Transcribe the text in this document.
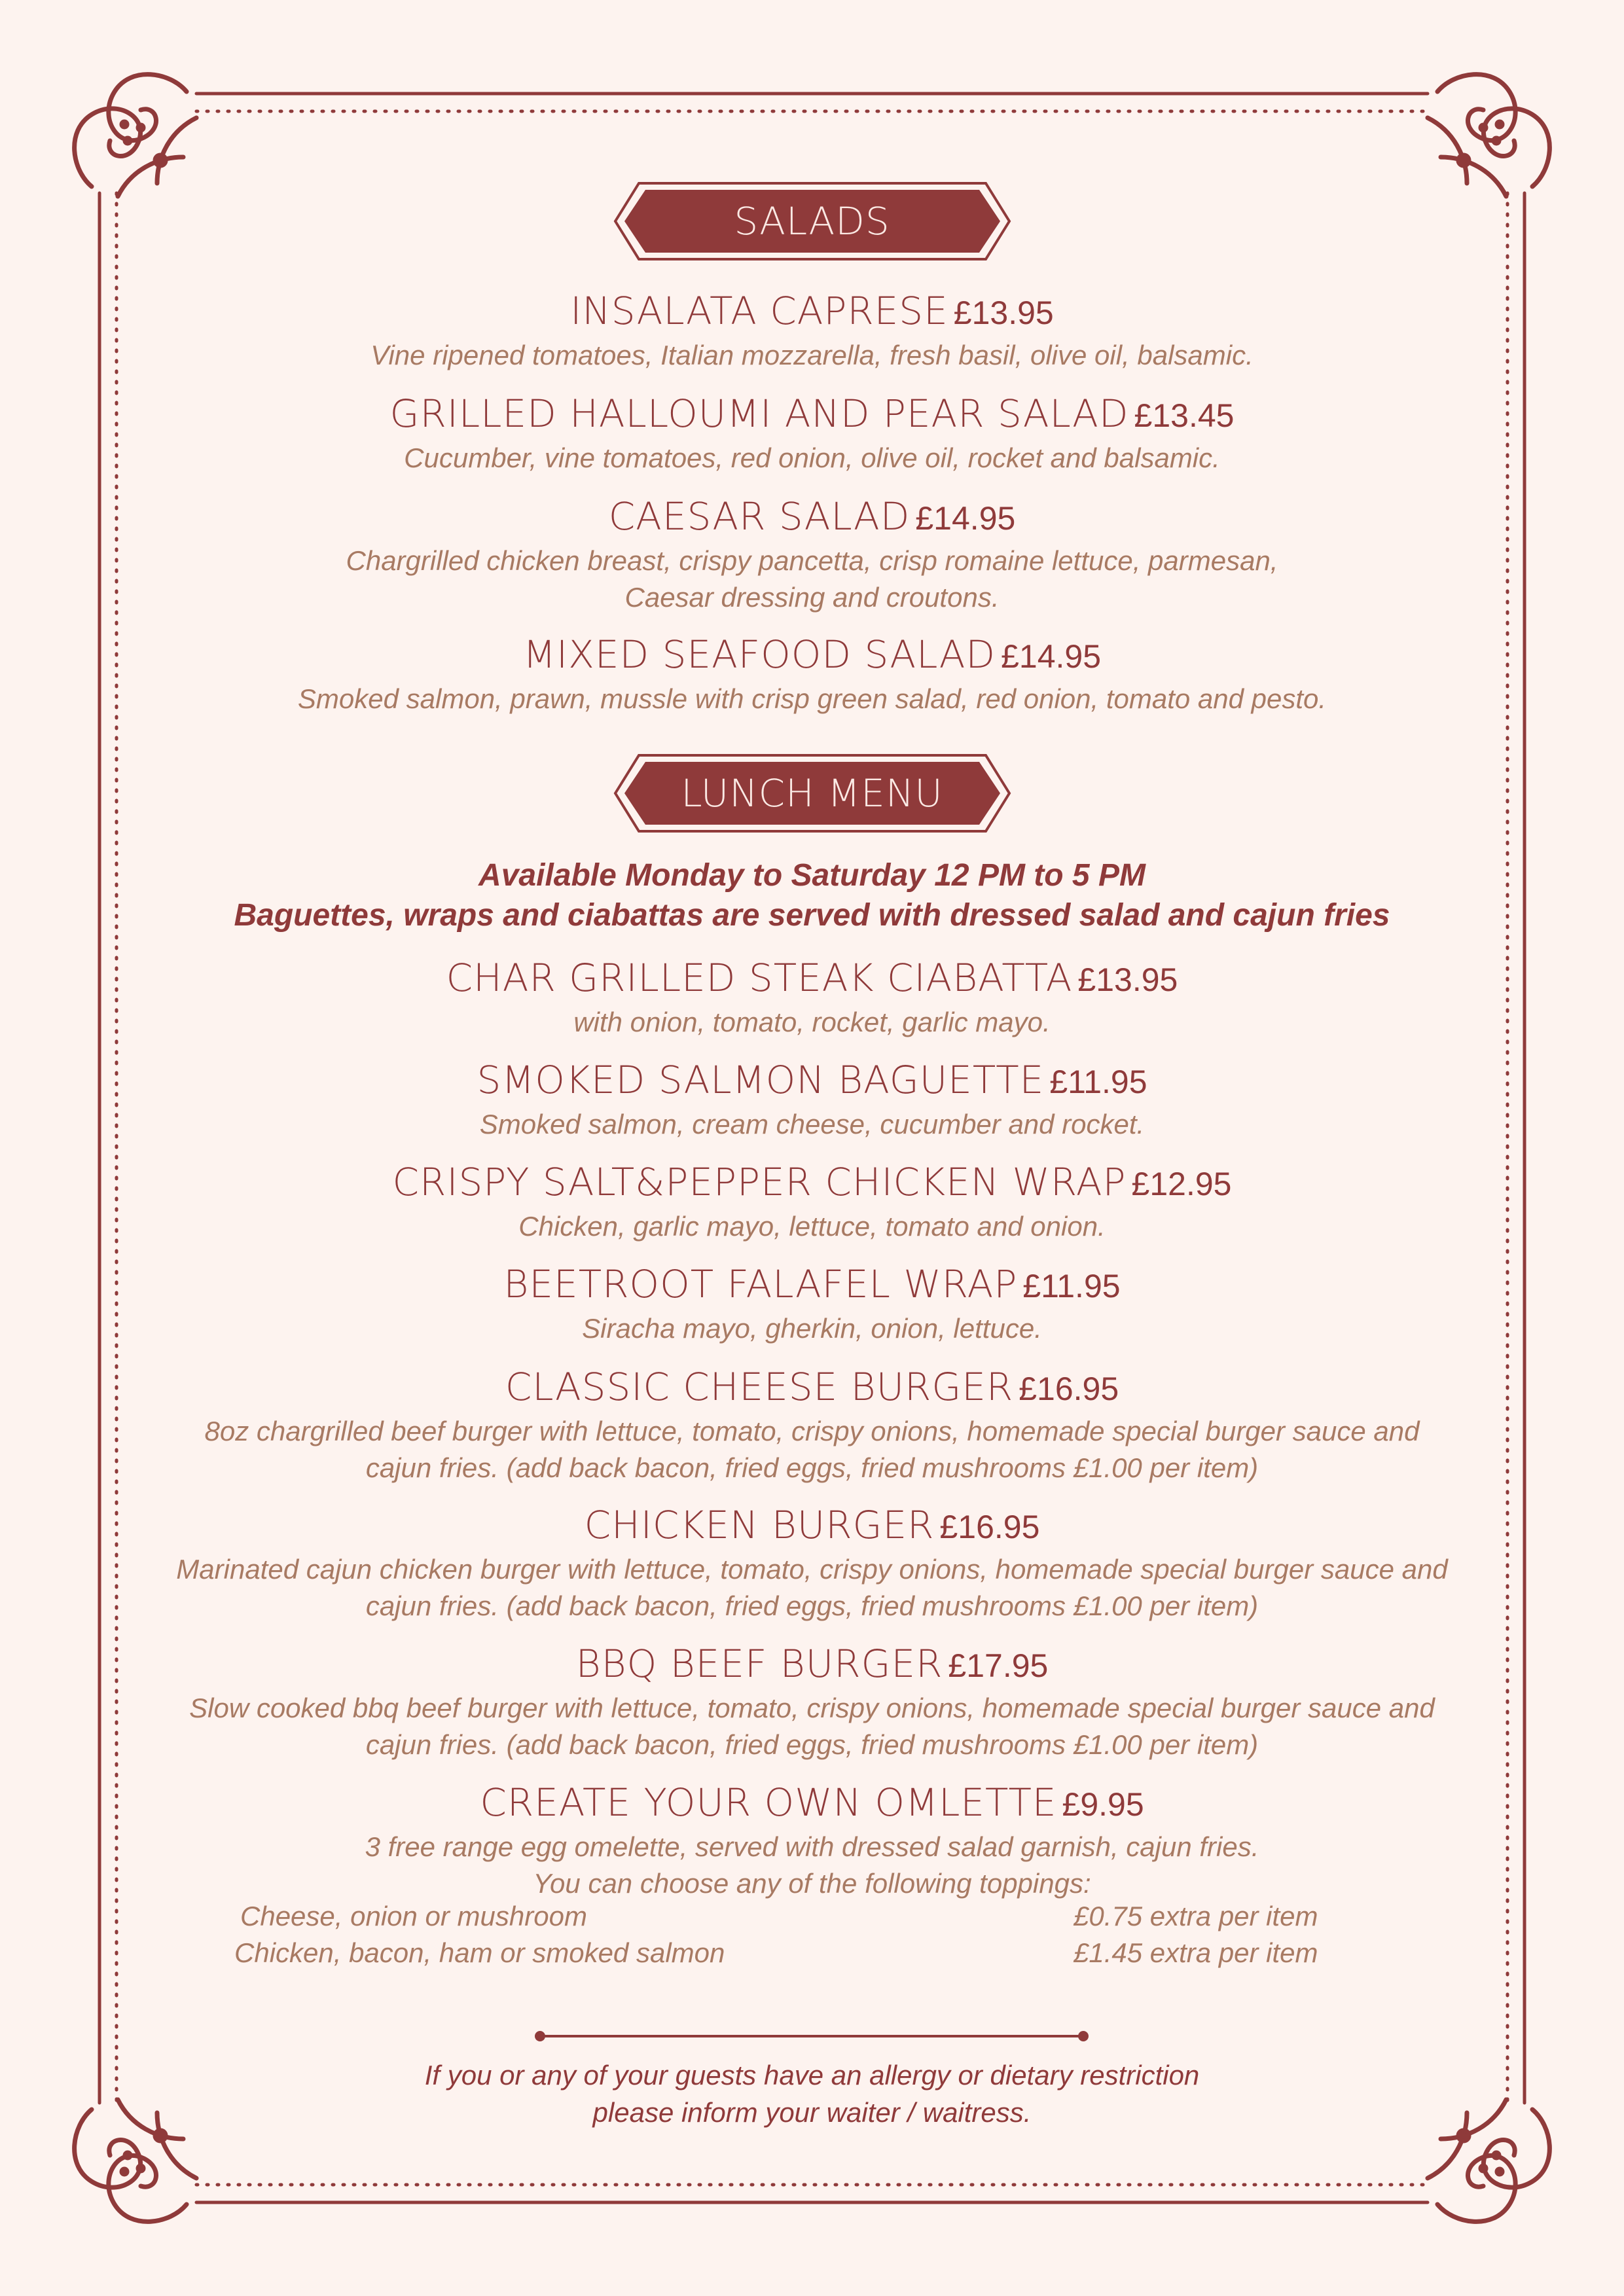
SALADS
INSALATA CAPRESE £13.95
Vine ripened tomatoes, Italian mozzarella, fresh basil, olive oil, balsamic.
GRILLED HALLOUMI AND PEAR SALAD £13.45
Cucumber, vine tomatoes, red onion, olive oil, rocket and balsamic.
CAESAR SALAD £14.95
Chargrilled chicken breast, crispy pancetta, crisp romaine lettuce, parmesan,
Caesar dressing and croutons.
MIXED SEAFOOD SALAD £14.95
Smoked salmon, prawn, mussle with crisp green salad, red onion, tomato and pesto.
LUNCH MENU
Available Monday to Saturday 12 PM to 5 PM
Baguettes, wraps and ciabattas are served with dressed salad and cajun fries
CHAR GRILLED STEAK CIABATTA £13.95
with onion, tomato, rocket, garlic mayo.
SMOKED SALMON BAGUETTE £11.95
Smoked salmon, cream cheese, cucumber and rocket.
CRISPY SALT&PEPPER CHICKEN WRAP £12.95
Chicken, garlic mayo, lettuce, tomato and onion.
BEETROOT FALAFEL WRAP £11.95
Siracha mayo, gherkin, onion, lettuce.
CLASSIC CHEESE BURGER £16.95
8oz chargrilled beef burger with lettuce, tomato, crispy onions, homemade special burger sauce and
cajun fries. (add back bacon, fried eggs, fried mushrooms £1.00 per item)
CHICKEN BURGER £16.95
Marinated cajun chicken burger with lettuce, tomato, crispy onions, homemade special burger sauce and
cajun fries. (add back bacon, fried eggs, fried mushrooms £1.00 per item)
BBQ BEEF BURGER £17.95
Slow cooked bbq beef burger with lettuce, tomato, crispy onions, homemade special burger sauce and
cajun fries. (add back bacon, fried eggs, fried mushrooms £1.00 per item)
CREATE YOUR OWN OMLETTE £9.95
3 free range egg omelette, served with dressed salad garnish, cajun fries.
You can choose any of the following toppings:
Cheese, onion or mushroom	£0.75 extra per item
Chicken, bacon, ham or smoked salmon	£1.45 extra per item
If you or any of your guests have an allergy or dietary restriction
please inform your waiter / waitress.
